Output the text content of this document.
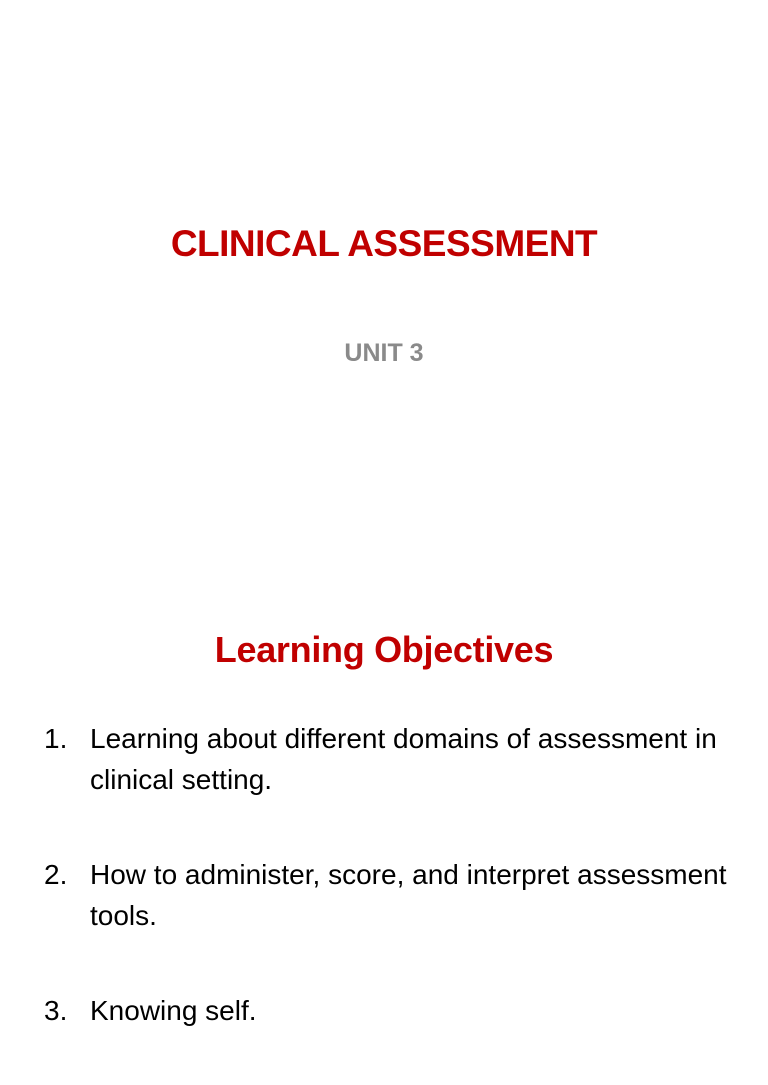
CLINICAL ASSESSMENT
UNIT 3
Learning Objectives
1. Learning about different domains of assessment in clinical setting.
2. How to administer, score, and interpret assessment tools.
3. Knowing self.
